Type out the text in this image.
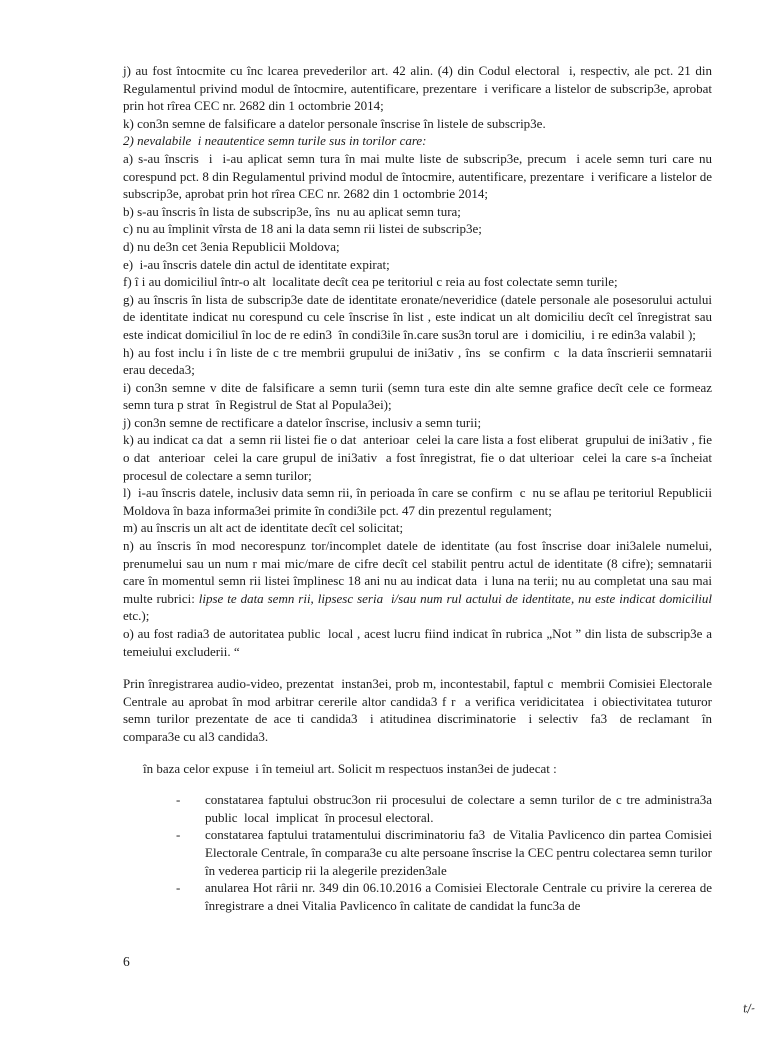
j) au fost întocmite cu înc lcarea prevederilor art. 42 alin. (4) din Codul electoral  i, respectiv, ale pct. 21 din Regulamentul privind modul de întocmire, autentificare, prezentare  i verificare a listelor de subscrip3e, aprobat prin hot rîrea CEC nr. 2682 din 1 octombrie 2014;

k) con3n semne de falsificare a datelor personale înscrise în listele de subscrip3e.

2) nevalabile  i neautentice semn turile sus in torilor care:

a) s-au înscris  i  i-au aplicat semn tura în mai multe liste de subscrip3e, precum  i acele semn turi care nu corespund pct. 8 din Regulamentul privind modul de întocmire, autentificare, prezentare  i verificare a listelor de subscrip3e, aprobat prin hot rîrea CEC nr. 2682 din 1 octombrie 2014;

b) s-au înscris în lista de subscrip3e, îns  nu au aplicat semn tura;

c) nu au împlinit vîrsta de 18 ani la data semn rii listei de subscrip3e;

d) nu de3n cet 3enia Republicii Moldova;

e)  i-au înscris datele din actul de identitate expirat;

f) î i au domiciliul într-o alt  localitate decît cea pe teritoriul c reia au fost colectate semn turile;

g) au înscris în lista de subscrip3e date de identitate eronate/neveridice (datele personale ale posesorului actului de identitate indicat nu corespund cu cele înscrise în list , este indicat un alt domiciliu decît cel înregistrat sau este indicat domiciliul în loc de re edin3  în condi3ile în.care sus3n torul are  i domiciliu,  i re edin3a valabil );

h) au fost inclu i în liste de c tre membrii grupului de ini3ativ , îns  se confirm  c  la data înscrierii semnatarii erau deceda3;

i) con3n semne v dite de falsificare a semn turii (semn tura este din alte semne grafice decît cele ce formeaz  semn tura p strat  în Registrul de Stat al Popula3ei);

j) con3n semne de rectificare a datelor înscrise, inclusiv a semn turii;

k) au indicat ca dat  a semn rii listei fie o dat  anterioar  celei la care lista a fost eliberat  grupului de ini3ativ , fie o dat  anterioar  celei la care grupul de ini3ativ  a fost înregistrat, fie o dat ulterioar  celei la care s-a încheiat procesul de colectare a semn turilor;

l)  i-au înscris datele, inclusiv data semn rii, în perioada în care se confirm  c  nu se aflau pe teritoriul Republicii Moldova în baza informa3ei primite în condi3ile pct. 47 din prezentul regulament;

m) au înscris un alt act de identitate decît cel solicitat;

n) au înscris în mod necorespunz tor/incomplet datele de identitate (au fost înscrise doar ini3alele numelui, prenumelui sau un num r mai mic/mare de cifre decît cel stabilit pentru actul de identitate (8 cifre); semnatarii care în momentul semn rii listei împlinesc 18 ani nu au indicat data  i luna na terii; nu au completat una sau mai multe rubrici: lipse te data semn rii, lipsesc seria  i/sau num rul actului de identitate, nu este indicat domiciliul etc.);

o) au fost radia3 de autoritatea public  local , acest lucru fiind indicat în rubrica „Not ” din lista de subscrip3e a temeiului excluderii. “

Prin înregistrarea audio-video, prezentat  instan3ei, prob m, incontestabil, faptul c  membrii Comisiei Electorale Centrale au aprobat în mod arbitrar cererile altor candida3 f r  a verifica veridicitatea  i obiectivitatea tuturor semn turilor prezentate de ace ti candida3  i atitudinea discriminatorie  i selectiv  fa3  de reclamant  în compara3e cu al3 candida3.

în baza celor expuse  i în temeiul art. Solicit m respectuos instan3ei de judecat :

-	constatarea faptului obstruc3on rii procesului de colectare a semn turilor de c tre administra3a public  local  implicat  în procesul electoral.
-	constatarea faptului tratamentului discriminatoriu fa3  de Vitalia Pavlicenco din partea Comisiei Electorale Centrale, în compara3e cu alte persoane înscrise la CEC pentru colectarea semn turilor în vederea particip rii la alegerile preziden3ale
-	anularea Hot rârii nr. 349 din 06.10.2016 a Comisiei Electorale Centrale cu privire la cererea de înregistrare a dnei Vitalia Pavlicenco în calitate de candidat la func3a de
6
t/-
